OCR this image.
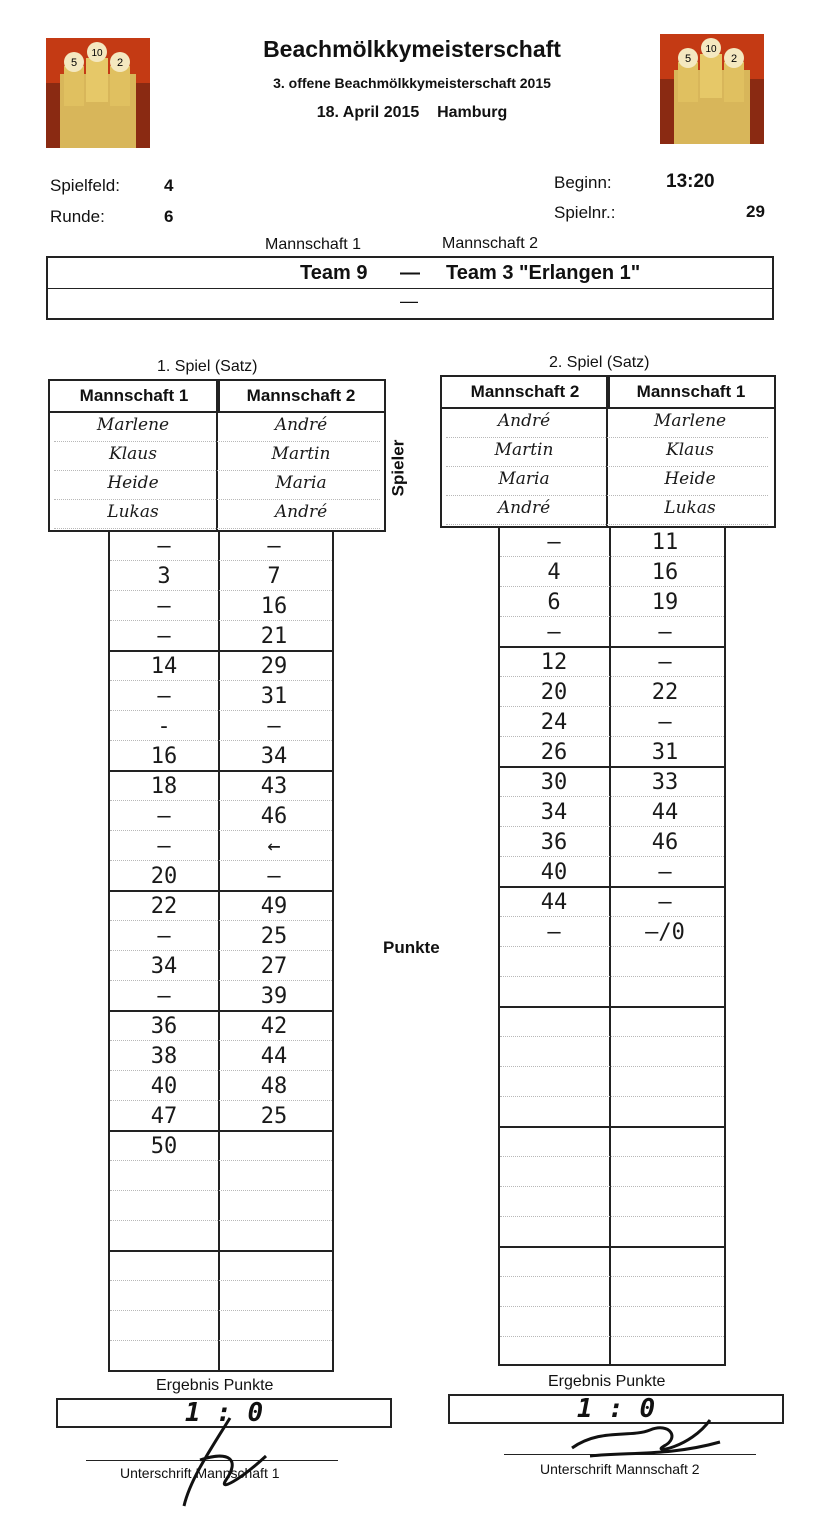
5
10
2	5
10
2
Beachmölkkymeisterschaft
3. offene Beachmölkkymeisterschaft 2015
18. April 2015 Hamburg
Spielfeld:	4
Runde:	6
Beginn:	13:20
Spielnr.:	29
Mannschaft 1	Mannschaft 2
Team 9 — Team 3 "Erlangen 1"
—
1. Spiel (Satz)
Mannschaft 1	Mannschaft 2
Marlene	André
Klaus	Martin
Heide	Maria
Lukas	André
—	—
3	7
—	16
—	21
14	29
—	31
-	—
16	34
18	43
—	46
—	←
20	—
22	49
—	25
34	27
—	39
36	42
38	44
40	48
47	25
50
Spieler
2. Spiel (Satz)
Mannschaft 2	Mannschaft 1
André	Marlene
Martin	Klaus
Maria	Heide
André	Lukas
—	11
4	16
6	19
—	—
12	—
20	22
24	—
26	31
30	33
34	44
36	46
40	—
44	—
—	—/0
Punkte
Ergebnis Punkte
1 : 0
Unterschrift Mannschaft 1
Ergebnis Punkte
1 : 0
Unterschrift Mannschaft 2
